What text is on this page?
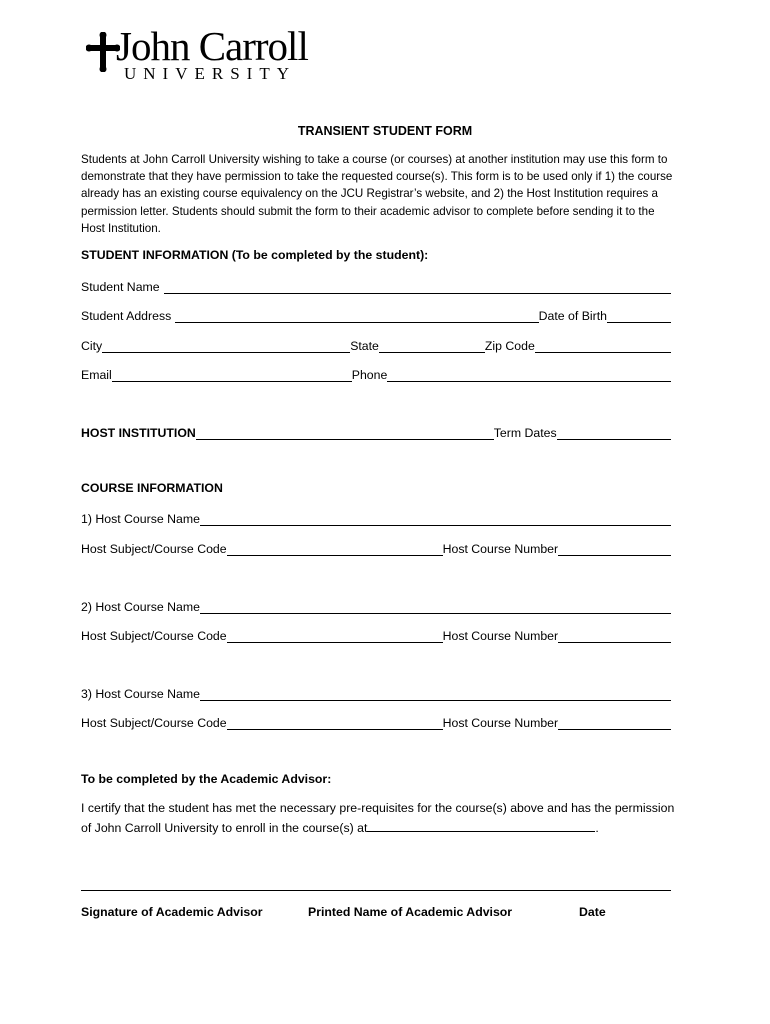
John Carroll
UNIVERSITY
TRANSIENT STUDENT FORM
Students at John Carroll University wishing to take a course (or courses) at another institution may use this form to demonstrate that they have permission to take the requested course(s). This form is to be used only if 1) the course already has an existing course equivalency on the JCU Registrar’s website, and 2) the Host Institution requires a permission letter. Students should submit the form to their academic advisor to complete before sending it to the Host Institution.
STUDENT INFORMATION (To be completed by the student):
Student Name
Student Address	Date of Birth
City	State	Zip Code
Email	Phone
HOST INSTITUTION	Term Dates
COURSE INFORMATION
1) Host Course Name
Host Subject/Course Code	Host Course Number
2) Host Course Name
Host Subject/Course Code	Host Course Number
3) Host Course Name
Host Subject/Course Code	Host Course Number
To be completed by the Academic Advisor:
I certify that the student has met the necessary pre-requisites for the course(s) above and has the permission of John Carroll University to enroll in the course(s) at	.
Signature of Academic Advisor	Printed Name of Academic Advisor	Date
